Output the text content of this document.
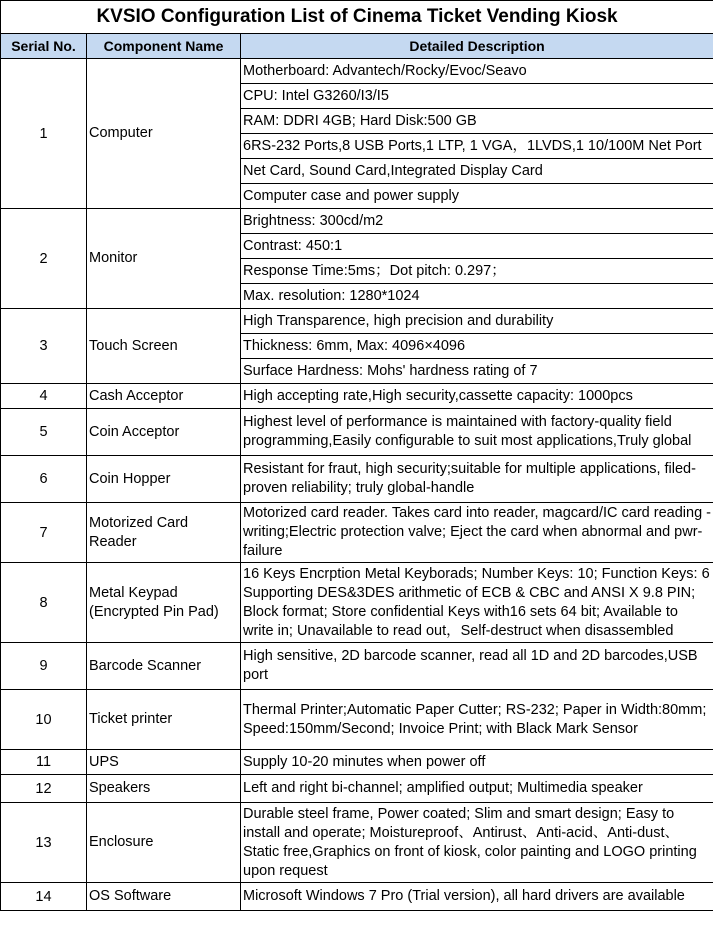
KVSIO Configuration List of Cinema Ticket Vending Kiosk		
Serial No.	Component Name	Detailed Description
1	Computer	Motherboard: Advantech/Rocky/Evoc/Seavo
		CPU: Intel G3260/I3/I5
		RAM: DDRI 4GB; Hard Disk:500 GB
		6RS-232 Ports,8 USB Ports,1 LTP, 1 VGA，1LVDS,1 10/100M Net Port
		Net Card, Sound Card,Integrated Display Card
		Computer case and power supply
2	Monitor	Brightness: 300cd/m2
		Contrast: 450:1
		Response Time:5ms；Dot pitch: 0.297；
		Max. resolution: 1280*1024
3	Touch Screen	High Transparence, high precision and durability
		Thickness: 6mm, Max: 4096×4096
		Surface Hardness: Mohs' hardness rating of 7
4	Cash Acceptor	High accepting rate,High security,cassette capacity: 1000pcs
5	Coin Acceptor	Highest level of performance is maintained with factory-quality field programming,Easily configurable to suit most applications,Truly global
6	Coin Hopper	Resistant for fraut, high security;suitable for multiple applications, filed-proven reliability; truly global-handle
7	Motorized Card Reader	Motorized card reader. Takes card into reader, magcard/IC card reading - writing;Electric protection valve; Eject the card when abnormal and pwr-failure
8	Metal Keypad (Encrypted Pin Pad)	16 Keys Encrption Metal Keyborads; Number Keys: 10; Function Keys: 6 Supporting DES&3DES arithmetic of ECB & CBC and ANSI X 9.8 PIN; Block format; Store confidential Keys with16 sets 64 bit; Available to write in; Unavailable to read out，Self-destruct when disassembled
9	Barcode Scanner	High sensitive, 2D barcode scanner, read all 1D and 2D barcodes,USB port
10	Ticket printer	Thermal Printer;Automatic Paper Cutter; RS-232; Paper in Width:80mm; Speed:150mm/Second; Invoice Print; with Black Mark Sensor
11	UPS	Supply 10-20 minutes when power off
12	Speakers	Left and right bi-channel; amplified output; Multimedia speaker
13	Enclosure	Durable steel frame, Power coated; Slim and smart design; Easy to install and operate; Moistureproof、Antirust、Anti-acid、Anti-dust、Static free,Graphics on front of kiosk, color painting and LOGO printing upon request
14	OS Software	Microsoft Windows 7 Pro (Trial version), all hard drivers are available
